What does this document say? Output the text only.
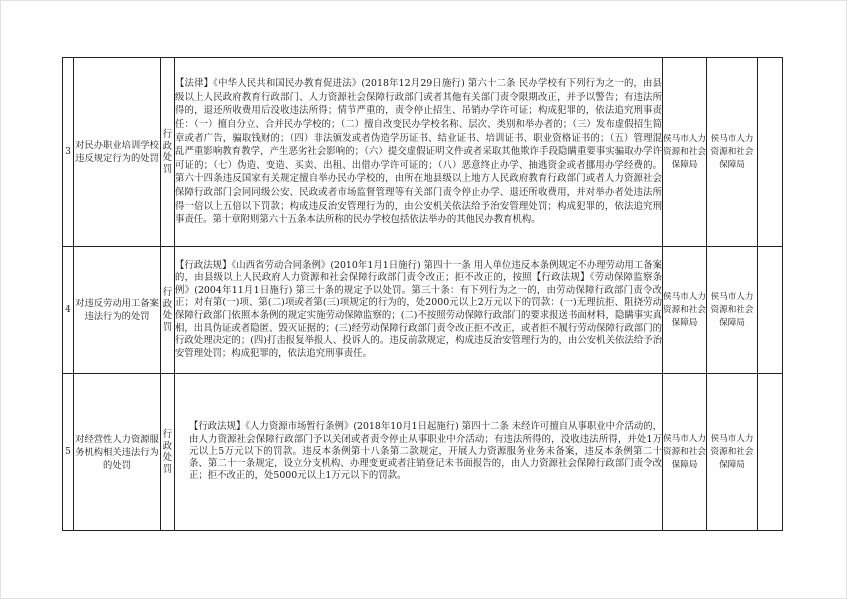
3	对民办职业培训学校违反规定行为的处罚	行政处罚	【法律】《中华人民共和国民办教育促进法》(2018年12月29日施行) 第六十二条 民办学校有下列行为之一的，由县级以上人民政府教育行政部门、人力资源社会保障行政部门或者其他有关部门责令限期改正，并予以警告；有违法所得的，退还所收费用后没收违法所得；情节严重的，责令停止招生、吊销办学许可证；构成犯罪的，依法追究刑事责任：（一）擅自分立、合并民办学校的；（二）擅自改变民办学校名称、层次、类别和举办者的；（三）发布虚假招生简章或者广告，骗取钱财的；（四）非法颁发或者伪造学历证书、结业证书、培训证书、职业资格证书的；（五）管理混乱严重影响教育教学，产生恶劣社会影响的；（六）提交虚假证明文件或者采取其他欺诈手段隐瞒重要事实骗取办学许可证的；（七）伪造、变造、买卖、出租、出借办学许可证的；（八）恶意终止办学、抽逃资金或者挪用办学经费的。第六十四条违反国家有关规定擅自举办民办学校的，由所在地县级以上地方人民政府教育行政部门或者人力资源社会保障行政部门会同同级公安、民政或者市场监督管理等有关部门责令停止办学、退还所收费用，并对举办者处违法所得一倍以上五倍以下罚款；构成违反治安管理行为的，由公安机关依法给予治安管理处罚；构成犯罪的，依法追究刑事责任。第十章附则第六十五条本法所称的民办学校包括依法举办的其他民办教育机构。	侯马市人力资源和社会保障局	侯马市人力资源和社会保障局	
4	对违反劳动用工备案违法行为的处罚	行政处罚	【行政法规】《山西省劳动合同条例》(2010年1月1日施行) 第四十一条 用人单位违反本条例规定不办理劳动用工备案的，由县级以上人民政府人力资源和社会保障行政部门责令改正；拒不改正的，按照【行政法规】《劳动保障监察条例》(2004年11月1日施行) 第三十条的规定予以处罚。第三十条：有下列行为之一的，由劳动保障行政部门责令改正；对有第(一)项、第(二)项或者第(三)项规定的行为的，处2000元以上2万元以下的罚款：(一)无理抗拒、阻挠劳动保障行政部门依照本条例的规定实施劳动保障监察的；(二)不按照劳动保障行政部门的要求报送书面材料，隐瞒事实真相，出具伪证或者隐匿、毁灭证据的；(三)经劳动保障行政部门责令改正拒不改正，或者拒不履行劳动保障行政部门的行政处理决定的；(四)打击报复举报人、投诉人的。违反前款规定，构成违反治安管理行为的，由公安机关依法给予治安管理处罚；构成犯罪的，依法追究刑事责任。	侯马市人力资源和社会保障局	侯马市人力资源和社会保障局	
5	对经营性人力资源服务机构相关违法行为的处罚	行政处罚	【行政法规】《人力资源市场暂行条例》(2018年10月1日起施行) 第四十二条 未经许可擅自从事职业中介活动的，由人力资源社会保障行政部门予以关闭或者责令停止从事职业中介活动；有违法所得的，没收违法所得，并处1万元以上5万元以下的罚款。违反本条例第十八条第二款规定，开展人力资源服务业务未备案，违反本条例第二十条、第二十一条规定，设立分支机构、办理变更或者注销登记未书面报告的，由人力资源社会保障行政部门责令改正；拒不改正的，处5000元以上1万元以下的罚款。	侯马市人力资源和社会保障局	侯马市人力资源和社会保障局	
